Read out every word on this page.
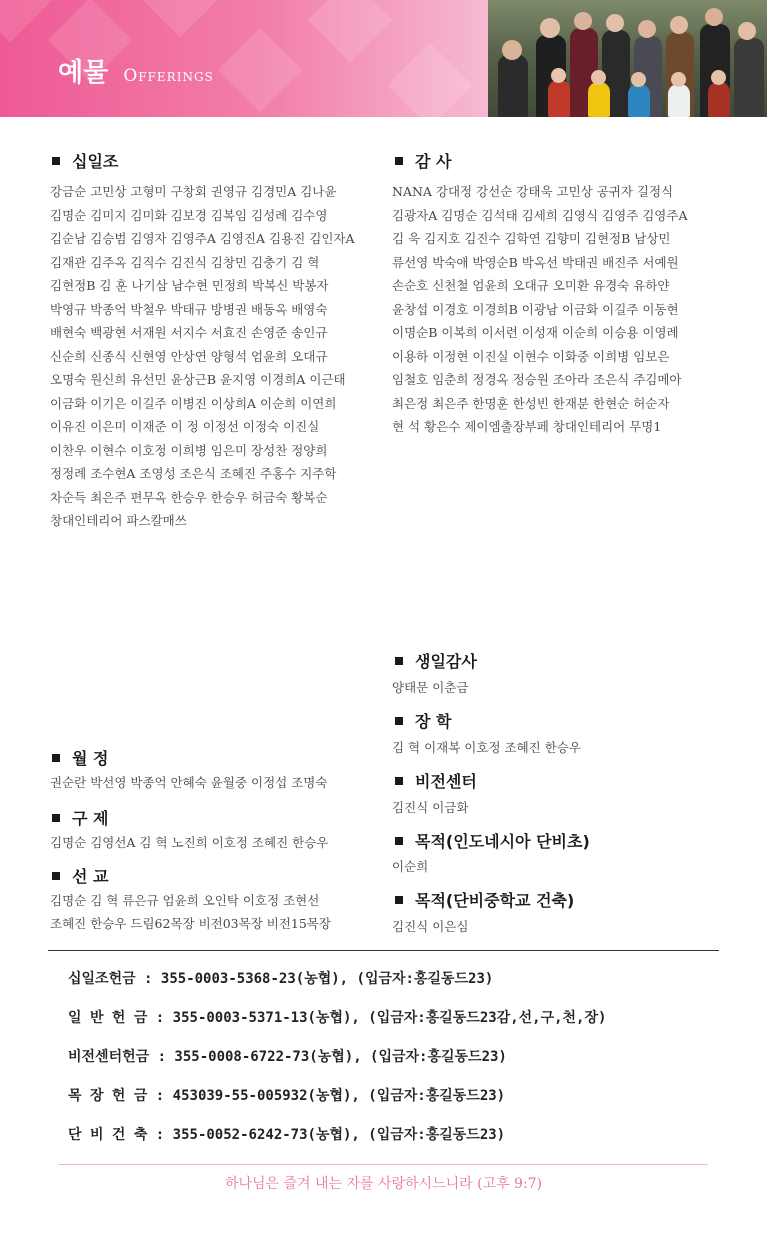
예물 Offerings
십일조
강금순 고민상 고형미 구창회 권영규 김경민A 김나윤
김명순 김미지 김미화 김보경 김복임 김성례 김수영
김순남 김승범 김영자 김영주A 김영진A 김용진 김인자A
김재관 김주옥 김직수 김진식 김창민 김충기 김 혁
김현정B 김 훈 나기삼 남수현 민정희 박복신 박봉자
박영규 박종억 박철우 박태규 방병권 배동옥 배영숙
배현숙 백광현 서재원 서지수 서효진 손영준 송인규
신순희 신종식 신현영 안상연 양형석 엄윤희 오대규
오명숙 원신희 유선민 윤상근B 윤지영 이경희A 이근태
이금화 이기은 이길주 이병진 이상희A 이순희 이연희
이유진 이은미 이재준 이 정 이정선 이정숙 이진실
이찬우 이현수 이호정 이희병 임은미 장성찬 정양희
정정례 조수현A 조영성 조은식 조혜진 주홍수 지주학
차순득 최은주 편무옥 한승우 한승우 허금숙 황복순
창대인테리어 파스칼매쓰
감 사
NANA 강대정 강선순 강태욱 고민상 공귀자 길정식
김광자A 김명순 김석태 김세희 김영식 김영주 김영주A
김 욱 김지호 김진수 김학연 김향미 김현정B 남상민
류선영 박숙애 박영순B 박옥선 박태권 배진주 서예원
손순호 신천철 엄윤희 오대규 오미환 유경숙 유하얀
윤창섭 이경호 이경희B 이광남 이금화 이길주 이동현
이명순B 이복희 이서련 이성재 이순희 이승용 이영례
이용하 이정현 이진실 이현수 이화중 이희병 임보은
임철호 임춘희 정경옥 정승원 조아라 조은식 주김메아
최은정 최은주 한명훈 한성빈 한재분 한현순 허순자
현 석 황은수 제이엠출장부페 창대인테리어 무명1
생일감사
양태문 이춘금
장 학
김 혁 이재복 이호정 조혜진 한승우
비전센터
김진식 이금화
목적(인도네시아 단비초)
이순희
목적(단비중학교 건축)
김진식 이은심
월 정
권순란 박선영 박종억 안혜숙 윤월중 이정섭 조명숙
구 제
김명순 김영선A 김 혁 노진희 이호정 조혜진 한승우
선 교
김명순 김 혁 류은규 엄윤희 오인탁 이호정 조현선
조혜진 한승우 드림62목장 비전03목장 비전15목장
십일조헌금 : 355-0003-5368-23(농협), (입금자:홍길동드23)
일 반 헌 금 : 355-0003-5371-13(농협), (입금자:홍길동드23감,선,구,천,장)
비전센터헌금 : 355-0008-6722-73(농협), (입금자:홍길동드23)
목 장 헌 금 : 453039-55-005932(농협), (입금자:홍길동드23)
단 비 건 축 : 355-0052-6242-73(농협), (입금자:홍길동드23)
하나님은 즐겨 내는 자를 사랑하시느니라 (고후 9:7)
